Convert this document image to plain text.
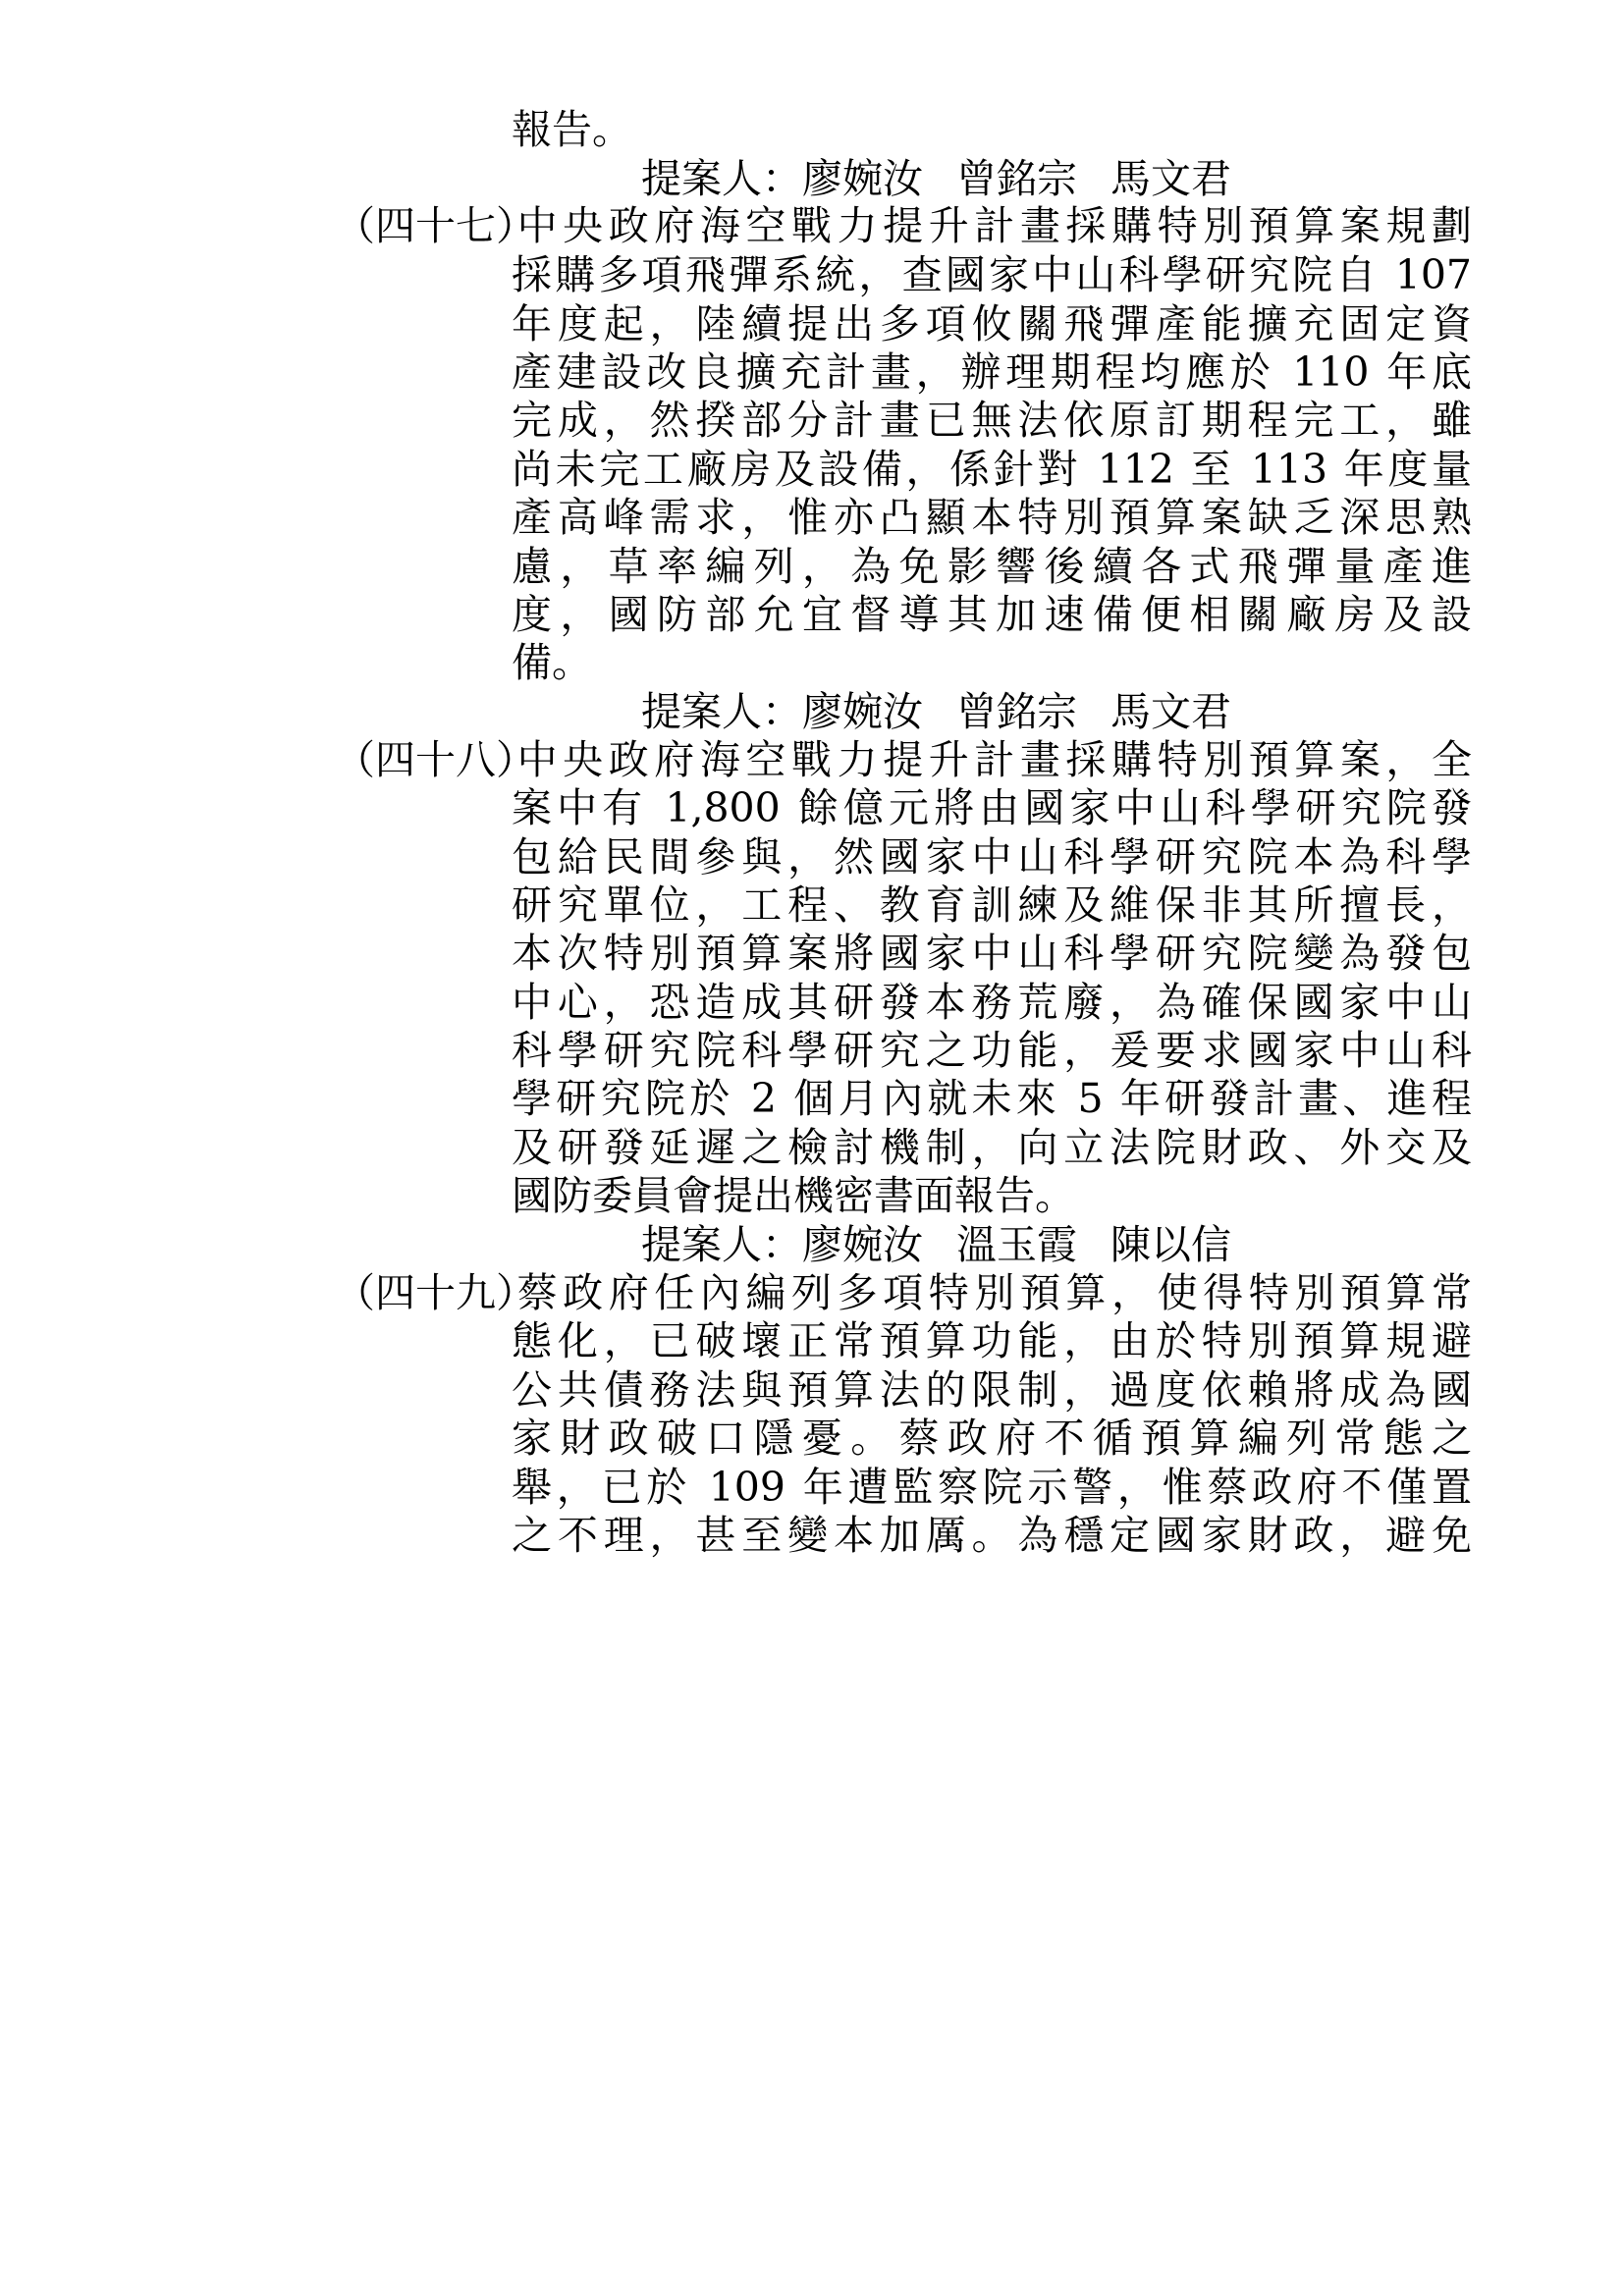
報告。
提案人：廖婉汝 曾銘宗 馬文君
（四十七）中央政府海空戰力提升計畫採購特別預算案規劃
採購多項飛彈系統，查國家中山科學研究院自 107
年度起，陸續提出多項攸關飛彈產能擴充固定資
產建設改良擴充計畫，辦理期程均應於 110 年底
完成，然揆部分計畫已無法依原訂期程完工，雖
尚未完工廠房及設備，係針對 112 至 113 年度量
產高峰需求，惟亦凸顯本特別預算案缺乏深思熟
慮，草率編列，為免影響後續各式飛彈量產進
度，國防部允宜督導其加速備便相關廠房及設
備。
提案人：廖婉汝 曾銘宗 馬文君
（四十八）中央政府海空戰力提升計畫採購特別預算案，全
案中有 1,800 餘億元將由國家中山科學研究院發
包給民間參與，然國家中山科學研究院本為科學
研究單位，工程、教育訓練及維保非其所擅長，
本次特別預算案將國家中山科學研究院變為發包
中心，恐造成其研發本務荒廢，為確保國家中山
科學研究院科學研究之功能，爰要求國家中山科
學研究院於 2 個月內就未來 5 年研發計畫、進程
及研發延遲之檢討機制，向立法院財政、外交及
國防委員會提出機密書面報告。
提案人：廖婉汝 溫玉霞 陳以信
（四十九）蔡政府任內編列多項特別預算，使得特別預算常
態化，已破壞正常預算功能，由於特別預算規避
公共債務法與預算法的限制，過度依賴將成為國
家財政破口隱憂。蔡政府不循預算編列常態之
舉，已於 109 年遭監察院示警，惟蔡政府不僅置
之不理，甚至變本加厲。為穩定國家財政，避免
